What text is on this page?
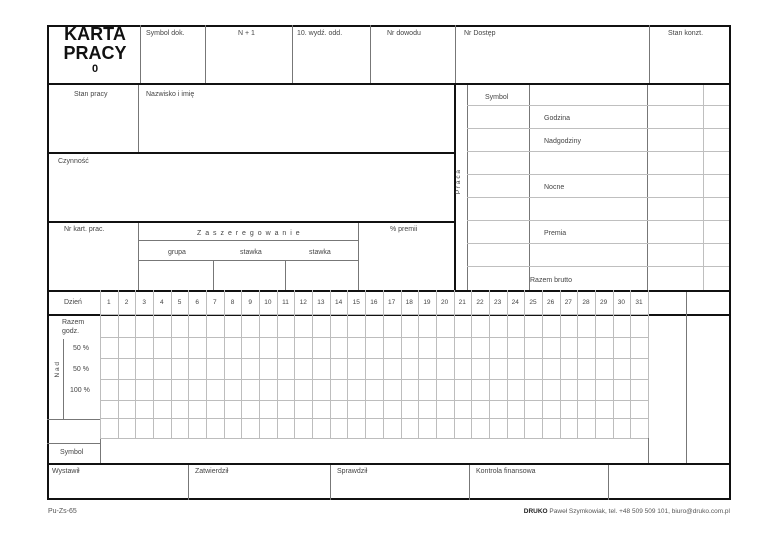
KARTA
PRACY
0
Symbol dok.	N + 1	10. wydź. odd.	Nr dowodu	Nr Dostęp	Stan konzt.
Stan pracy	Nazwisko i imię
Czynność
Nr kart. prac.
Z a s z e r e g o w a n i e
grupa	stawka	stawka
% premii
P r a c a
Symbol
Godzina
Nadgodziny
Nocne
Premia
Razem brutto
Dzień	1	2	3	4	5	6	7	8	9	10	11	12	13	14	15	16	17	18	19	20	21	22	23	24	25	26	27	28	29	30	31
Razem godz.
N a d
50 %
50 %
100 %
Symbol
Wystawił	Zatwierdził	Sprawdził	Kontrola finansowa
Pu-Zs-65	DRUKO Paweł Szymkowiak, tel. +48 509 509 101, biuro@druko.com.pl
